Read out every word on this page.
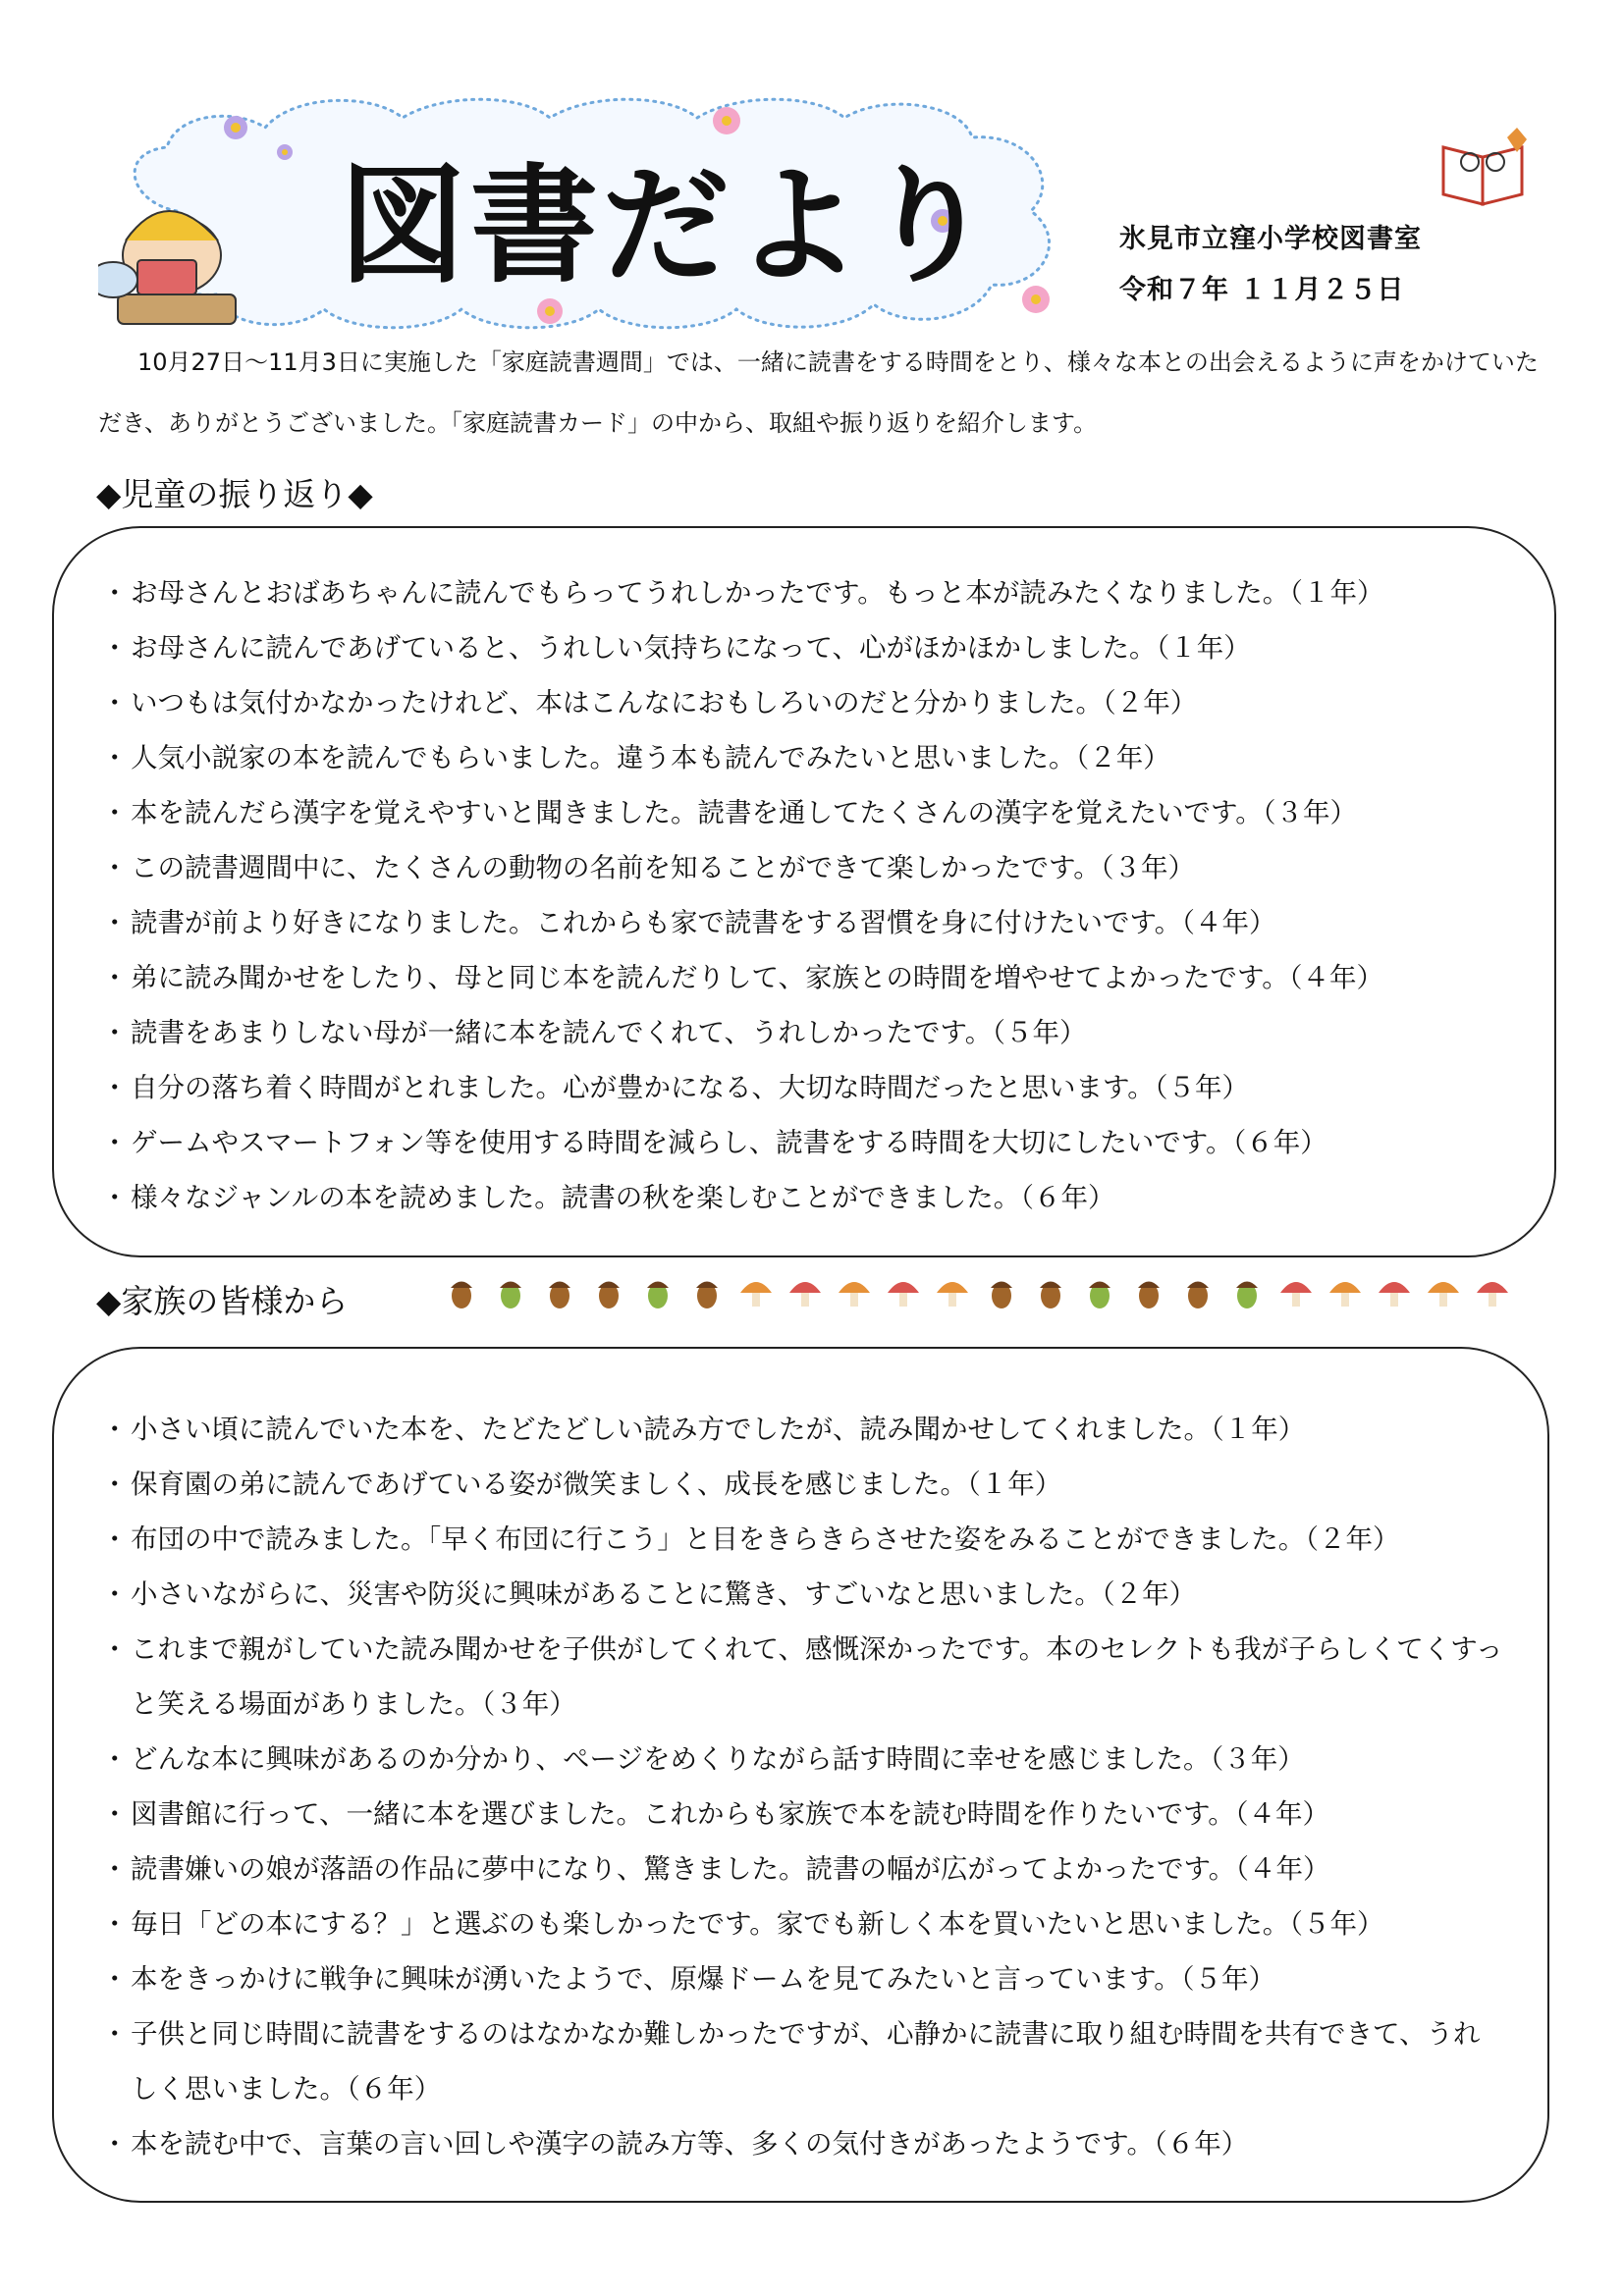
図書だより	氷見市立窪小学校図書室
令和７年 １１月２５日

10月27日～11月3日に実施した「家庭読書週間」では、一緒に読書をする時間をとり、様々な本との出会えるように声をかけていただき、ありがとうございました。「家庭読書カード」の中から、取組や振り返りを紹介します。

◆児童の振り返り◆
・ お母さんとおばあちゃんに読んでもらってうれしかったです。もっと本が読みたくなりました。（１年）
・ お母さんに読んであげていると、うれしい気持ちになって、心がほかほかしました。（１年）
・ いつもは気付かなかったけれど、本はこんなにおもしろいのだと分かりました。（２年）
・ 人気小説家の本を読んでもらいました。違う本も読んでみたいと思いました。（２年）
・ 本を読んだら漢字を覚えやすいと聞きました。読書を通してたくさんの漢字を覚えたいです。（３年）
・ この読書週間中に、たくさんの動物の名前を知ることができて楽しかったです。（３年）
・ 読書が前より好きになりました。これからも家で読書をする習慣を身に付けたいです。（４年）
・ 弟に読み聞かせをしたり、母と同じ本を読んだりして、家族との時間を増やせてよかったです。（４年）
・ 読書をあまりしない母が一緒に本を読んでくれて、うれしかったです。（５年）
・ 自分の落ち着く時間がとれました。心が豊かになる、大切な時間だったと思います。（５年）
・ ゲームやスマートフォン等を使用する時間を減らし、読書をする時間を大切にしたいです。（６年）
・ 様々なジャンルの本を読めました。読書の秋を楽しむことができました。（６年）
◆家族の皆様から
・ 小さい頃に読んでいた本を、たどたどしい読み方でしたが、読み聞かせしてくれました。（１年）
・ 保育園の弟に読んであげている姿が微笑ましく、成長を感じました。（１年）
・ 布団の中で読みました。「早く布団に行こう」と目をきらきらさせた姿をみることができました。（２年）
・ 小さいながらに、災害や防災に興味があることに驚き、すごいなと思いました。（２年）
・ これまで親がしていた読み聞かせを子供がしてくれて、感慨深かったです。本のセレクトも我が子らしくてくすっと笑える場面がありました。（３年）
・ どんな本に興味があるのか分かり、ページをめくりながら話す時間に幸せを感じました。（３年）
・ 図書館に行って、一緒に本を選びました。これからも家族で本を読む時間を作りたいです。（４年）
・ 読書嫌いの娘が落語の作品に夢中になり、驚きました。読書の幅が広がってよかったです。（４年）
・ 毎日「どの本にする？」と選ぶのも楽しかったです。家でも新しく本を買いたいと思いました。（５年）
・ 本をきっかけに戦争に興味が湧いたようで、原爆ドームを見てみたいと言っています。（５年）
・ 子供と同じ時間に読書をするのはなかなか難しかったですが、心静かに読書に取り組む時間を共有できて、うれしく思いました。（６年）
・ 本を読む中で、言葉の言い回しや漢字の読み方等、多くの気付きがあったようです。（６年）
